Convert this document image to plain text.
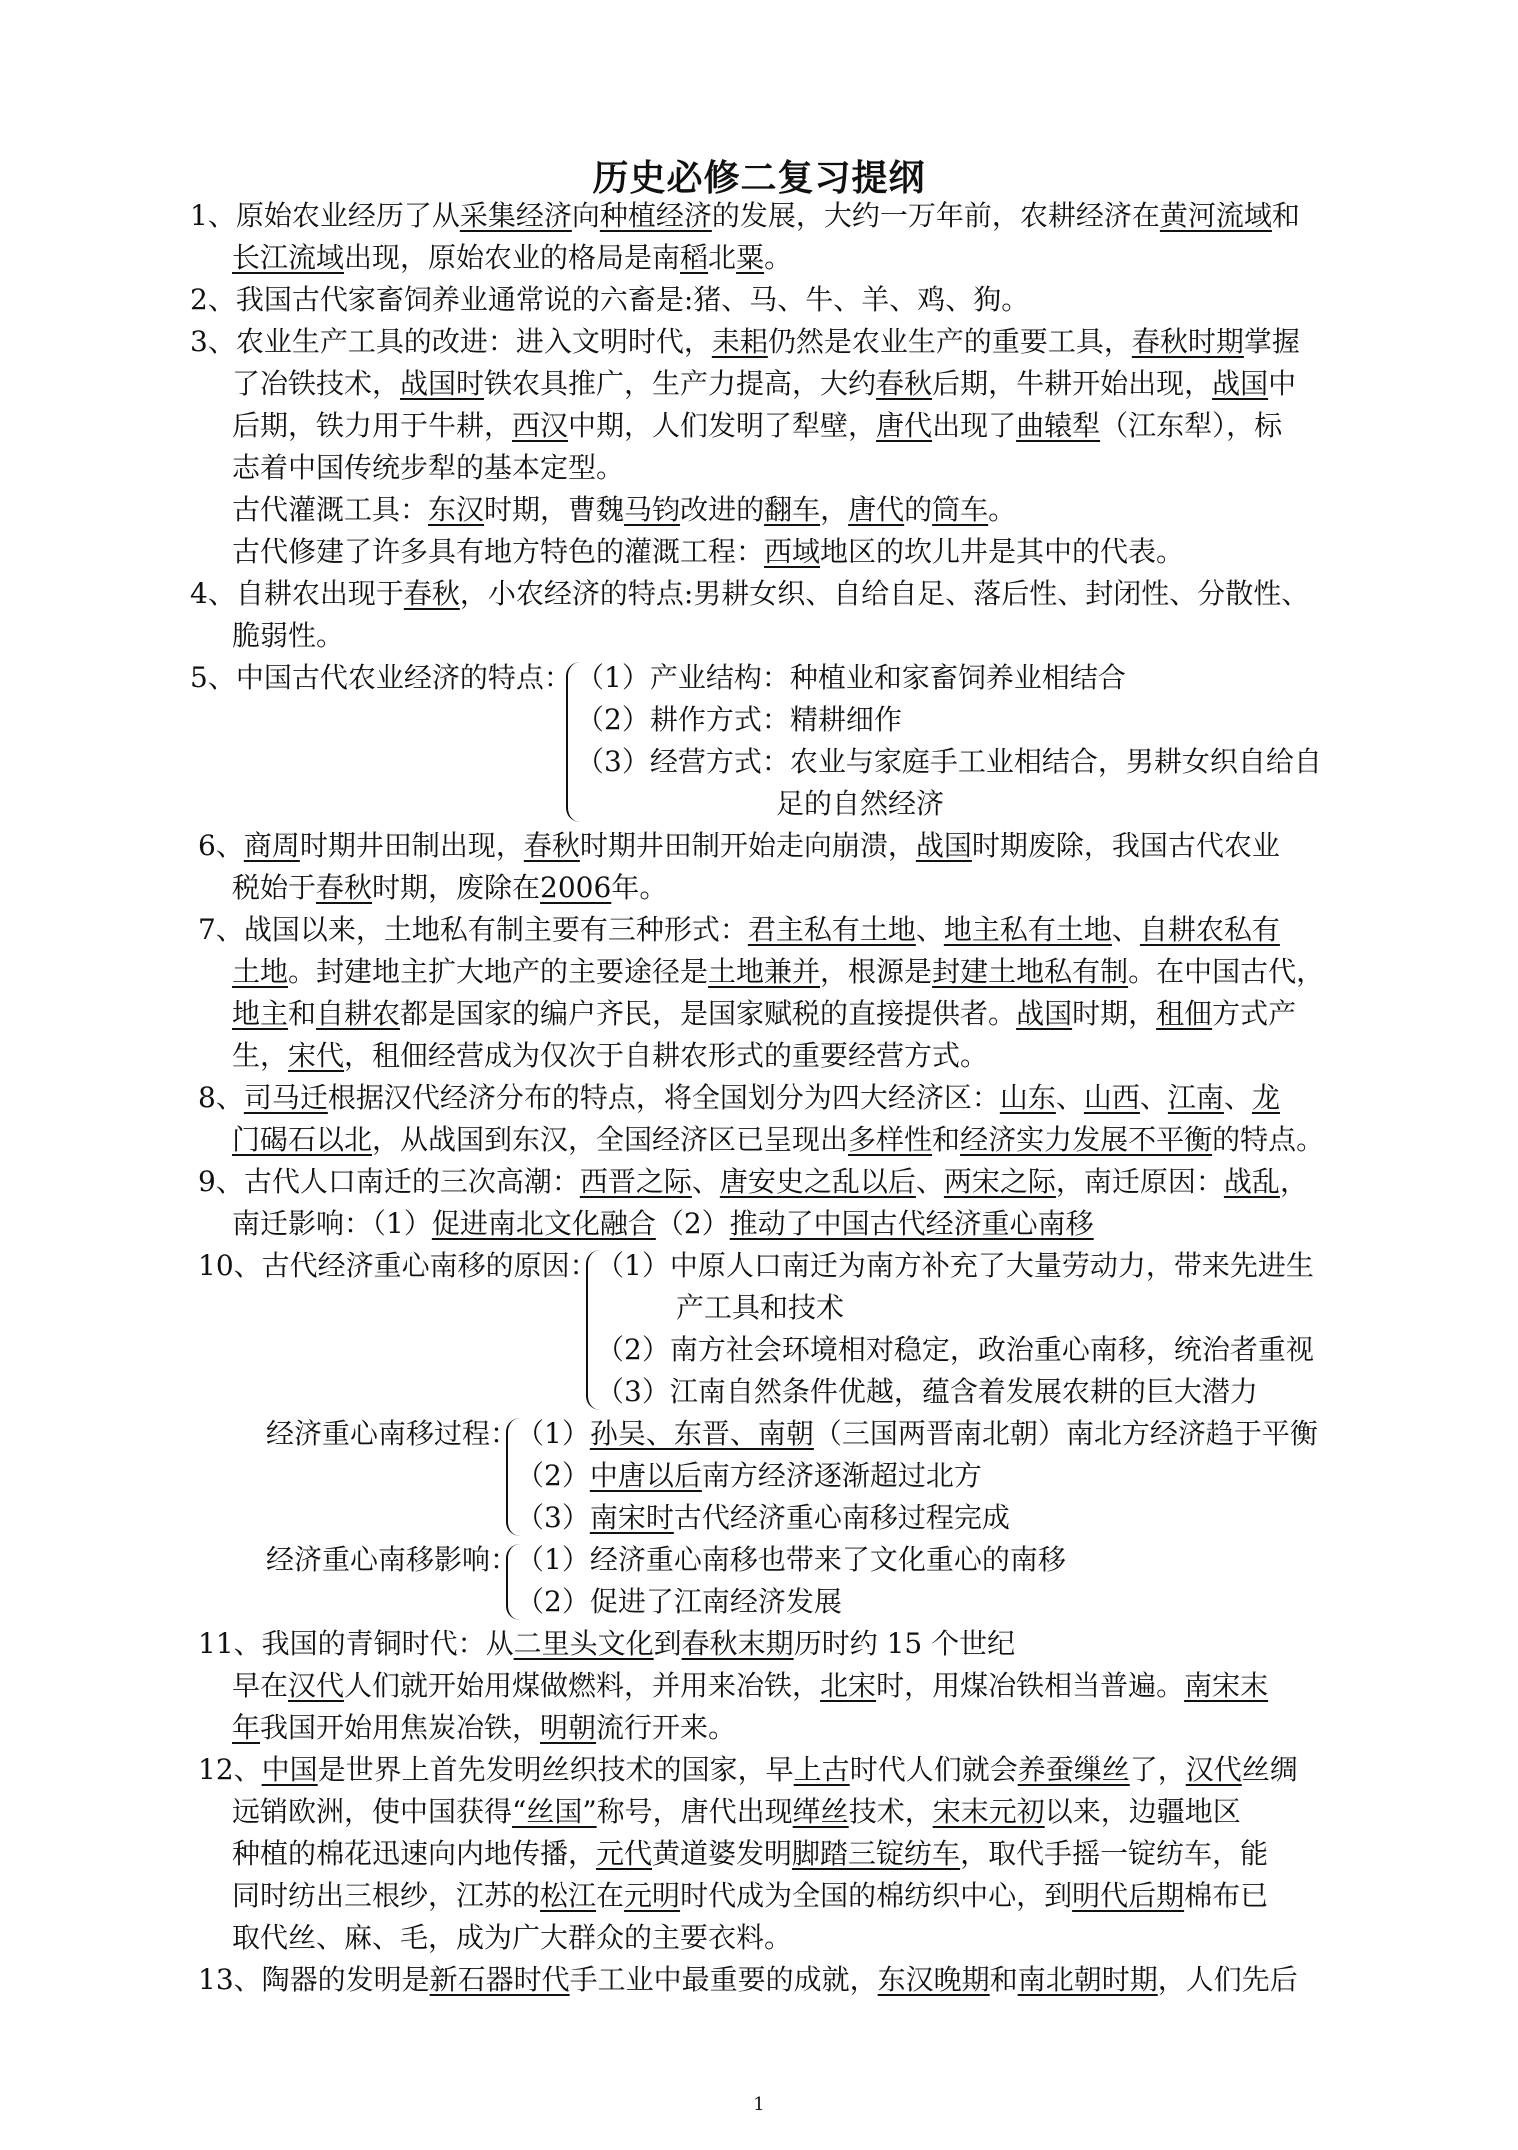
历史必修二复习提纲
1、原始农业经历了从采集经济向种植经济的发展，大约一万年前，农耕经济在黄河流域和
长江流域出现，原始农业的格局是南稻北粟。
2、我国古代家畜饲养业通常说的六畜是:猪、马、牛、羊、鸡、狗。
3、农业生产工具的改进：进入文明时代，耒耜仍然是农业生产的重要工具，春秋时期掌握
了冶铁技术，战国时铁农具推广，生产力提高，大约春秋后期，牛耕开始出现，战国中
后期，铁力用于牛耕，西汉中期，人们发明了犁壁，唐代出现了曲辕犁（江东犁），标
志着中国传统步犁的基本定型。
古代灌溉工具：东汉时期，曹魏马钧改进的翻车，唐代的筒车。
古代修建了许多具有地方特色的灌溉工程：西域地区的坎儿井是其中的代表。
4、自耕农出现于春秋，小农经济的特点:男耕女织、自给自足、落后性、封闭性、分散性、
脆弱性。
5、中国古代农业经济的特点： （1）产业结构：种植业和家畜饲养业相结合
（2）耕作方式：精耕细作
（3）经营方式：农业与家庭手工业相结合，男耕女织自给自
足的自然经济
6、商周时期井田制出现，春秋时期井田制开始走向崩溃，战国时期废除，我国古代农业
税始于春秋时期，废除在2006年。
7、战国以来，土地私有制主要有三种形式：君主私有土地、地主私有土地、自耕农私有
土地。封建地主扩大地产的主要途径是土地兼并，根源是封建土地私有制。在中国古代，
地主和自耕农都是国家的编户齐民，是国家赋税的直接提供者。战国时期，租佃方式产
生，宋代，租佃经营成为仅次于自耕农形式的重要经营方式。
8、司马迁根据汉代经济分布的特点，将全国划分为四大经济区：山东、山西、江南、龙
门碣石以北，从战国到东汉，全国经济区已呈现出多样性和经济实力发展不平衡的特点。
9、古代人口南迁的三次高潮：西晋之际、唐安史之乱以后、两宋之际，南迁原因：战乱，
南迁影响：（1）促进南北文化融合（2）推动了中国古代经济重心南移
10、古代经济重心南移的原因：
（1）中原人口南迁为南方补充了大量劳动力，带来先进生
产工具和技术
（2）南方社会环境相对稳定，政治重心南移，统治者重视
（3）江南自然条件优越，蕴含着发展农耕的巨大潜力
经济重心南移过程：
（1）孙吴、东晋、南朝（三国两晋南北朝）南北方经济趋于平衡
（2）中唐以后南方经济逐渐超过北方
（3）南宋时古代经济重心南移过程完成
经济重心南移影响：
（1）经济重心南移也带来了文化重心的南移
（2）促进了江南经济发展
11、我国的青铜时代：从二里头文化到春秋末期历时约 15 个世纪
早在汉代人们就开始用煤做燃料，并用来冶铁，北宋时，用煤冶铁相当普遍。南宋末
年我国开始用焦炭冶铁，明朝流行开来。
12、中国是世界上首先发明丝织技术的国家，早上古时代人们就会养蚕缫丝了，汉代丝绸
远销欧洲，使中国获得“丝国”称号，唐代出现缂丝技术，宋末元初以来，边疆地区
种植的棉花迅速向内地传播，元代黄道婆发明脚踏三锭纺车，取代手摇一锭纺车，能
同时纺出三根纱，江苏的松江在元明时代成为全国的棉纺织中心，到明代后期棉布已
取代丝、麻、毛，成为广大群众的主要衣料。
13、陶器的发明是新石器时代手工业中最重要的成就，东汉晚期和南北朝时期，人们先后
1
